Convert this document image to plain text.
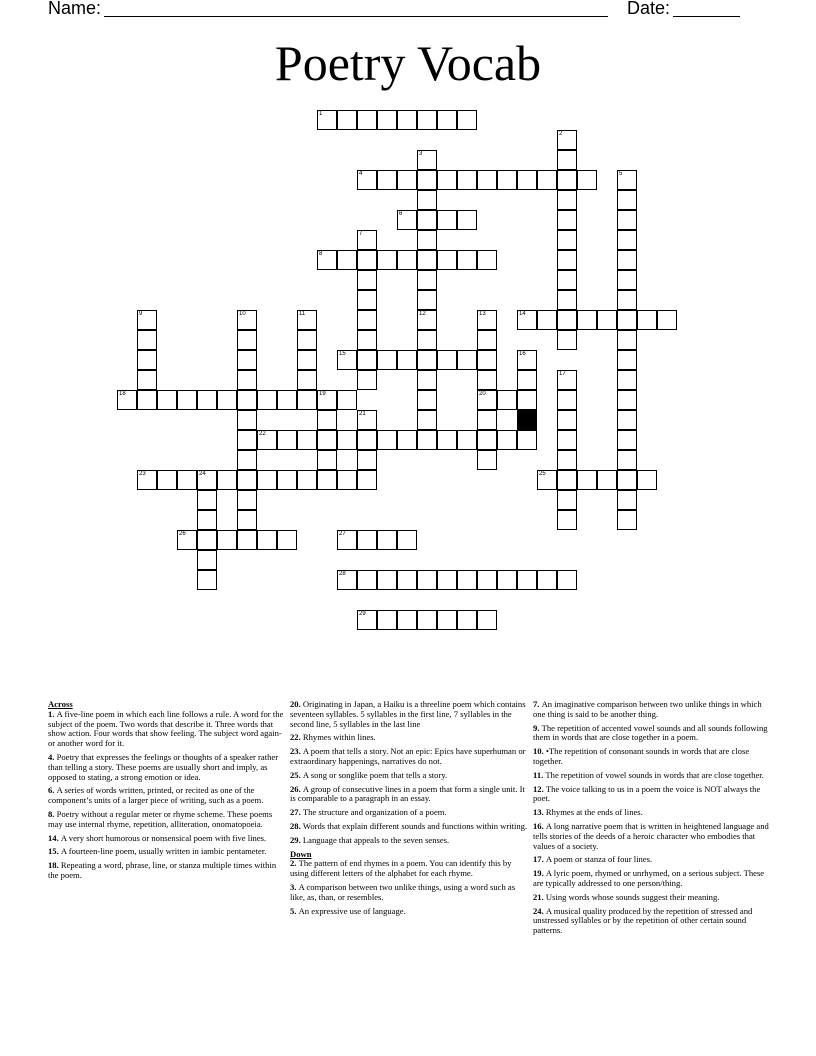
Name:	Date:
Poetry Vocab
1
2
3
12
4	5
6
7
8
9	10	11	13
20
14
15	16
17
18	19
21
22
23	24	25
26	27
28
29
Across
1. A five-line poem in which each line follows a rule. A word for the subject of the poem. Two words that describe it. Three words that show action. Four words that show feeling. The subject word again-or another word for it.
4. Poetry that expresses the feelings or thoughts of a speaker rather than telling a story. These poems are usually short and imply, as opposed to stating, a strong emotion or idea.
6. A series of words written, printed, or recited as one of the component’s units of a larger piece of writing, such as a poem.
8. Poetry without a regular meter or rhyme scheme. These poems may use internal rhyme, repetition, alliteration, onomatopoeia.
14. A very short humorous or nonsensical poem with five lines.
15. A fourteen-line poem, usually written in iambic pentameter.
18. Repeating a word, phrase, line, or stanza multiple times within the poem.
20. Originating in Japan, a Haiku is a threeline poem which contains seventeen syllables. 5 syllables in the first line, 7 syllables in the second line, 5 syllables in the last line
22. Rhymes within lines.
23. A poem that tells a story. Not an epic: Epics have superhuman or extraordinary happenings, narratives do not.
25. A song or songlike poem that tells a story.
26. A group of consecutive lines in a poem that form a single unit. It is comparable to a paragraph in an essay.
27. The structure and organization of a poem.
28. Words that explain different sounds and functions within writing.
29. Language that appeals to the seven senses.
Down
2. The pattern of end rhymes in a poem. You can identify this by using different letters of the alphabet for each rhyme.
3. A comparison between two unlike things, using a word such as like, as, than, or resembles.
5. An expressive use of language.
7. An imaginative comparison between two unlike things in which one thing is said to be another thing.
9. The repetition of accented vowel sounds and all sounds following them in words that are close together in a poem.
10. •The repetition of consonant sounds in words that are close together.
11. The repetition of vowel sounds in words that are close together.
12. The voice talking to us in a poem the voice is NOT always the poet.
13. Rhymes at the ends of lines.
16. A long narrative poem that is written in heightened language and tells stories of the deeds of a heroic character who embodies that values of a society.
17. A poem or stanza of four lines.
19. A lyric poem, rhymed or unrhymed, on a serious subject. These are typically addressed to one person/thing.
21. Using words whose sounds suggest their meaning.
24. A musical quality produced by the repetition of stressed and unstressed syllables or by the repetition of other certain sound patterns.
